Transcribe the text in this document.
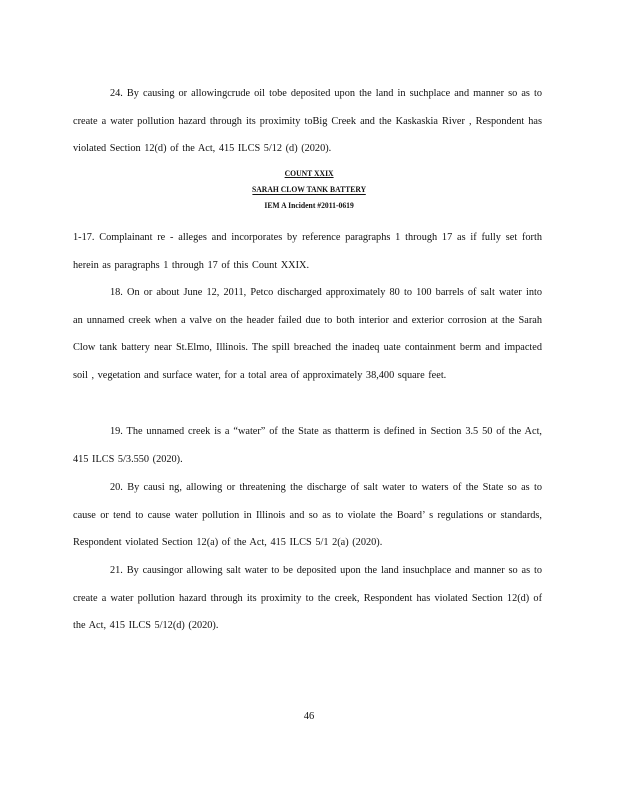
24. By causing or allowingcrude oil tobe deposited upon the land in suchplace and manner so as to create a water pollution hazard through its proximity toBig Creek and the Kaskaskia River , Respondent has violated Section 12(d) of the Act, 415 ILCS 5/12 (d) (2020).

COUNT XXIX

SARAH CLOW TANK BATTERY

IEM A Incident #2011-0619

1-17. Complainant re - alleges and incorporates by reference paragraphs 1 through 17 as if fully set forth herein as paragraphs 1 through 17 of this Count XXIX.

18. On or about June 12, 2011, Petco discharged approximately 80 to 100 barrels of salt water into an unnamed creek when a valve on the header failed due to both interior and exterior corrosion at the Sarah Clow tank battery near St.Elmo, Illinois. The spill breached the inadeq uate containment berm and impacted soil , vegetation and surface water, for a total area of approximately 38,400 square feet.

19. The unnamed creek is a “water” of the State as thatterm is defined in Section 3.5 50 of the Act, 415 ILCS 5/3.550 (2020).

20. By causi ng, allowing or threatening the discharge of salt water to waters of the State so as to cause or tend to cause water pollution in Illinois and so as to violate the Board’ s regulations or standards, Respondent violated Section 12(a) of the Act, 415 ILCS 5/1 2(a) (2020).

21. By causingor allowing salt water to be deposited upon the land insuchplace and manner so as to create a water pollution hazard through its proximity to the creek, Respondent has violated Section 12(d) of the Act, 415 ILCS 5/12(d) (2020).

46
